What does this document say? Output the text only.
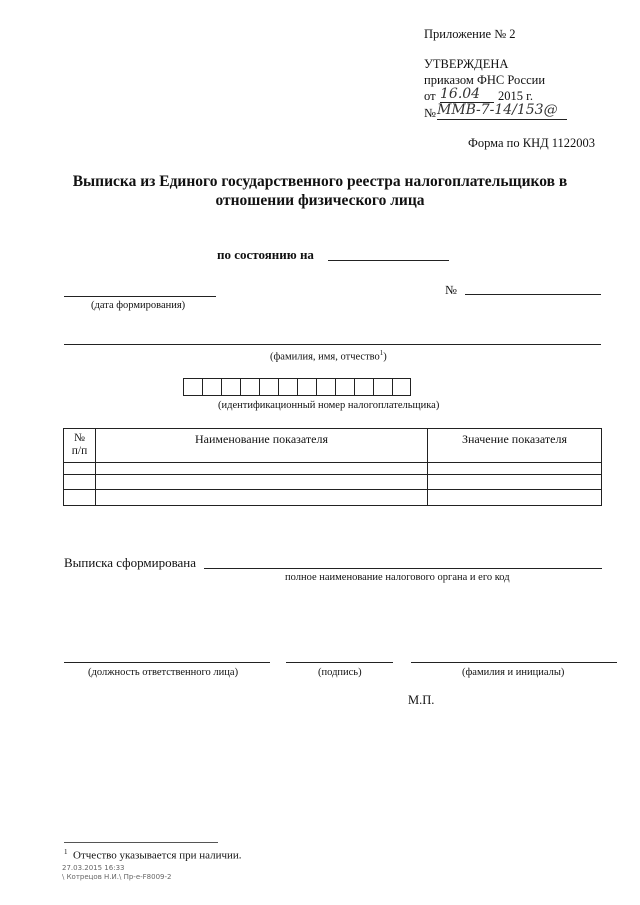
Приложение № 2
УТВЕРЖДЕНА
приказом ФНС России
от 16.04 2015 г.
№ ММВ-7-14/153@
Форма по КНД 1122003
Выписка из Единого государственного реестра налогоплательщиков в
отношении физического лица
по состоянию на
(дата формирования)
№
(фамилия, имя, отчество$^1$)
(идентификационный номер налогоплательщика)
№
п/п	Наименование показателя	Значение показателя

Выписка сформирована
полное наименование налогового органа и его код
(должность ответственного лица)	(подпись)	(фамилия и инициалы)
М.П.
$^1$ Отчество указывается при наличии.
27.03.2015 16:33
\ Котрецов Н.И.\ Пр-е-F8009-2
